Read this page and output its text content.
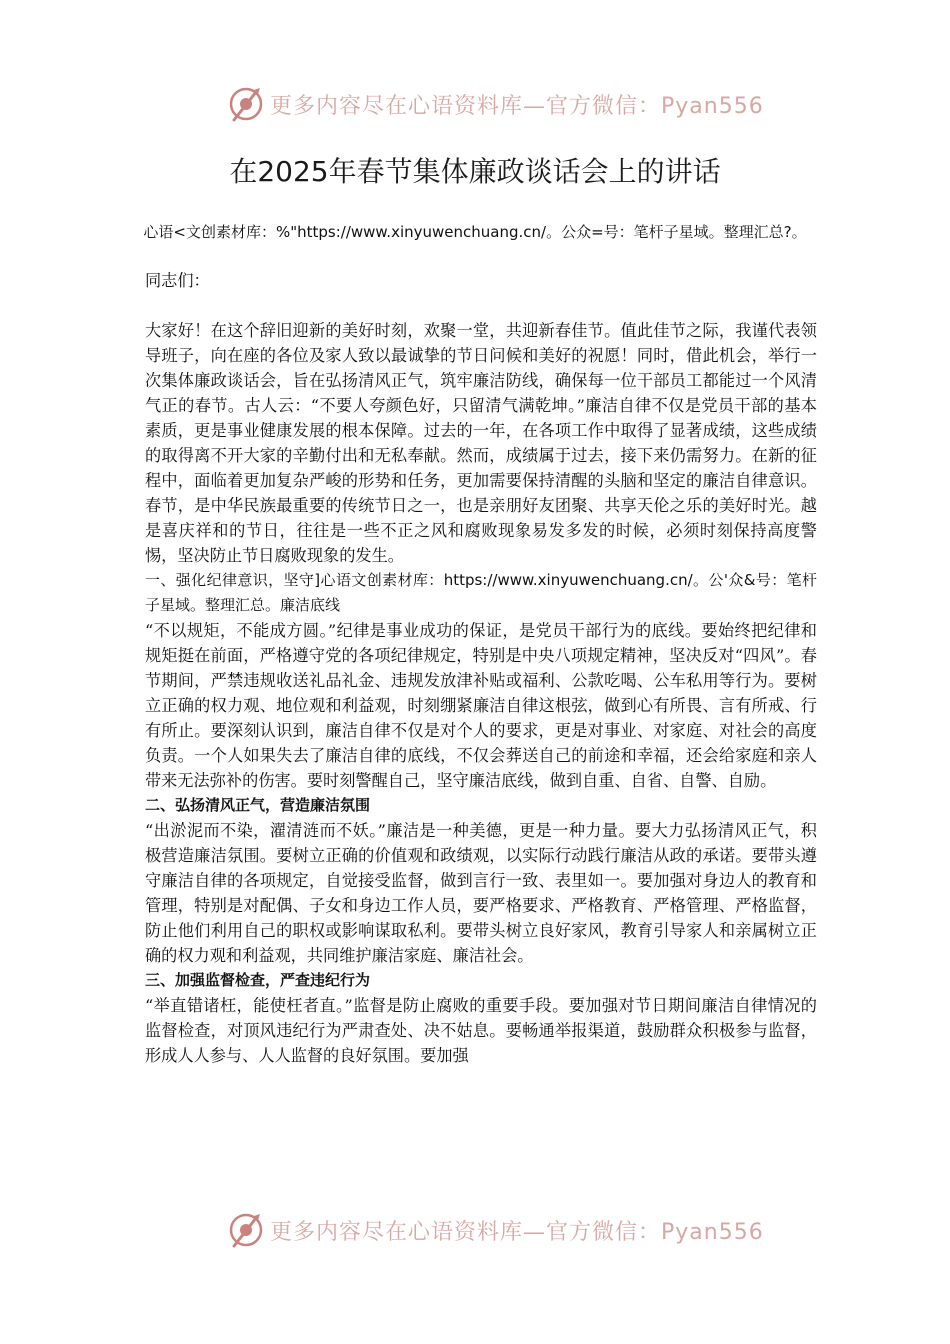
更多内容尽在心语资料库—官方微信：Pyan556
在2025年春节集体廉政谈话会上的讲话
心语<文创素材库：%"https://www.xinyuwenchuang.cn/。公众=号：笔杆子星域。整理汇总?。

同志们：

大家好！在这个辞旧迎新的美好时刻，欢聚一堂，共迎新春佳节。值此佳节之际，我谨代表领导班子，向在座的各位及家人致以最诚挚的节日问候和美好的祝愿！同时，借此机会，举行一次集体廉政谈话会，旨在弘扬清风正气，筑牢廉洁防线，确保每一位干部员工都能过一个风清气正的春节。古人云：“不要人夸颜色好，只留清气满乾坤。”廉洁自律不仅是党员干部的基本素质，更是事业健康发展的根本保障。过去的一年，在各项工作中取得了显著成绩，这些成绩的取得离不开大家的辛勤付出和无私奉献。然而，成绩属于过去，接下来仍需努力。在新的征程中，面临着更加复杂严峻的形势和任务，更加需要保持清醒的头脑和坚定的廉洁自律意识。春节，是中华民族最重要的传统节日之一，也是亲朋好友团聚、共享天伦之乐的美好时光。越是喜庆祥和的节日，往往是一些不正之风和腐败现象易发多发的时候，必须时刻保持高度警惕，坚决防止节日腐败现象的发生。

一、强化纪律意识，坚守]心语文创素材库：https://www.xinyuwenchuang.cn/。公'众&号：笔杆子星域。整理汇总。廉洁底线

“不以规矩，不能成方圆。”纪律是事业成功的保证，是党员干部行为的底线。要始终把纪律和规矩挺在前面，严格遵守党的各项纪律规定，特别是中央八项规定精神，坚决反对“四风”。春节期间，严禁违规收送礼品礼金、违规发放津补贴或福利、公款吃喝、公车私用等行为。要树立正确的权力观、地位观和利益观，时刻绷紧廉洁自律这根弦，做到心有所畏、言有所戒、行有所止。要深刻认识到，廉洁自律不仅是对个人的要求，更是对事业、对家庭、对社会的高度负责。一个人如果失去了廉洁自律的底线，不仅会葬送自己的前途和幸福，还会给家庭和亲人带来无法弥补的伤害。要时刻警醒自己，坚守廉洁底线，做到自重、自省、自警、自励。

二、弘扬清风正气，营造廉洁氛围

“出淤泥而不染，濯清涟而不妖。”廉洁是一种美德，更是一种力量。要大力弘扬清风正气，积极营造廉洁氛围。要树立正确的价值观和政绩观，以实际行动践行廉洁从政的承诺。要带头遵守廉洁自律的各项规定，自觉接受监督，做到言行一致、表里如一。要加强对身边人的教育和管理，特别是对配偶、子女和身边工作人员，要严格要求、严格教育、严格管理、严格监督，防止他们利用自己的职权或影响谋取私利。要带头树立良好家风，教育引导家人和亲属树立正确的权力观和利益观，共同维护廉洁家庭、廉洁社会。

三、加强监督检查，严查违纪行为

“举直错诸枉，能使枉者直。”监督是防止腐败的重要手段。要加强对节日期间廉洁自律情况的监督检查，对顶风违纪行为严肃查处、决不姑息。要畅通举报渠道，鼓励群众积极参与监督，形成人人参与、人人监督的良好氛围。要加强

更多内容尽在心语资料库—官方微信：Pyan556
